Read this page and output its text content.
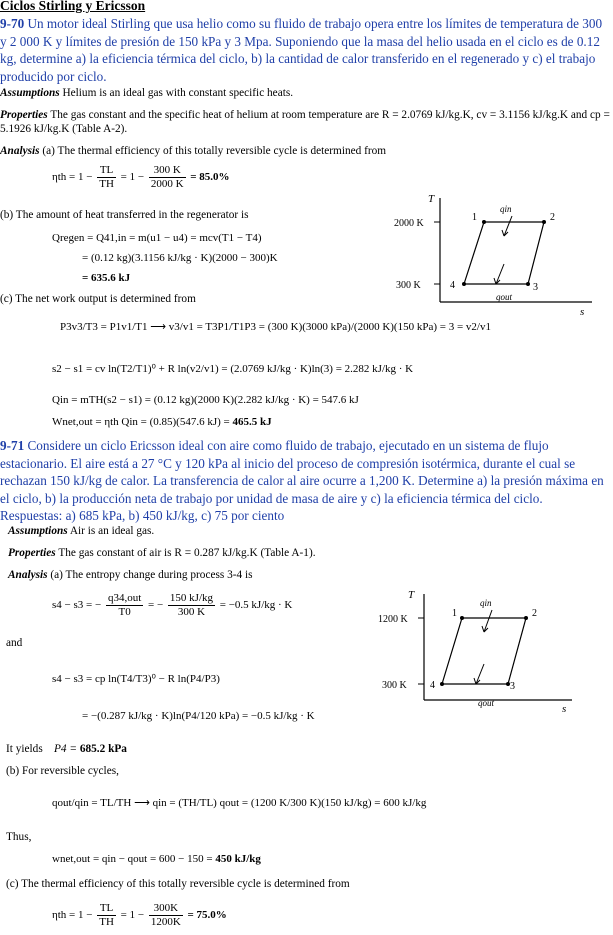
Ciclos Stirling y Ericsson
9-70 Un motor ideal Stirling que usa helio como su fluido de trabajo opera entre los límites de temperatura de 300 y 2 000 K y límites de presión de 150 kPa y 3 Mpa. Suponiendo que la masa del helio usada en el ciclo es de 0.12 kg, determine a) la eficiencia térmica del ciclo, b) la cantidad de calor transferido en el regenerado y c) el trabajo producido por ciclo.
Assumptions Helium is an ideal gas with constant specific heats.
Properties The gas constant and the specific heat of helium at room temperature are R = 2.0769 kJ/kg.K, cv = 3.1156 kJ/kg.K and cp = 5.1926 kJ/kg.K (Table A-2).
Analysis (a) The thermal efficiency of this totally reversible cycle is determined from
$\eta th = 1 - \frac{TL}{TH} = 1 - \frac{300 K}{2000 K} = 85.0\%$
(b) The amount of heat transferred in the regenerator is
Qregen = Q41,in = m(u1 − u4) = mcv(T1 − T4)
= (0.12 kg)(3.1156 kJ/kg · K)(2000 − 300)K
= 635.6 kJ
(c) The net work output is determined from
P3v3/T3 = P1v1/T1 ⟶ v3/v1 = T3P1/T1P3 = (300 K)(3000 kPa)/(2000 K)(150 kPa) = 3 = v2/v1
s2 − s1 = cv ln(T2/T1)⁰ + R ln(v2/v1) = (2.0769 kJ/kg · K)ln(3) = 2.282 kJ/kg · K
Qin = mTH(s2 − s1) = (0.12 kg)(2000 K)(2.282 kJ/kg · K) = 547.6 kJ
Wnet,out = ηth Qin = (0.85)(547.6 kJ) = 465.5 kJ
T
s
2000 K
300 K
1	2
3
4
qin
qout
9-71 Considere un ciclo Ericsson ideal con aire como fluido de trabajo, ejecutado en un sistema de flujo estacionario. El aire está a 27 °C y 120 kPa al inicio del proceso de compresión isotérmica, durante el cual se rechazan 150 kJ/kg de calor. La transferencia de calor al aire ocurre a 1,200 K. Determine a) la presión máxima en el ciclo, b) la producción neta de trabajo por unidad de masa de aire y c) la eficiencia térmica del ciclo. Respuestas: a) 685 kPa, b) 450 kJ/kg, c) 75 por ciento
Assumptions Air is an ideal gas.
Properties The gas constant of air is R = 0.287 kJ/kg.K (Table A-1).
Analysis (a) The entropy change during process 3-4 is
s4 − s3 = − $\frac{\text{q34,out}}{T0}$ = − $\frac{150 kJ/kg}{300 K} = -0.5$ kJ/kg · K
and
s4 − s3 = cp ln(T4/T3)⁰ − R ln(P4/P3)
= −(0.287 kJ/kg · K)ln(P4/120 kPa) = −0.5 kJ/kg · K
It yields P4 = 685.2 kPa
(b) For reversible cycles,
qout/qin = TL/TH ⟶ qin = (TH/TL) qout = (1200 K/300 K)(150 kJ/kg) = 600 kJ/kg
Thus,
wnet,out = qin − qout = 600 − 150 = 450 kJ/kg
(c) The thermal efficiency of this totally reversible cycle is determined from
$\eta th = 1 - \frac{TL}{TH} = 1 - \frac{300K}{1200K} = 75.0\%$
T
s
1200 K
300 K
1	2
3
4
qin
qout
